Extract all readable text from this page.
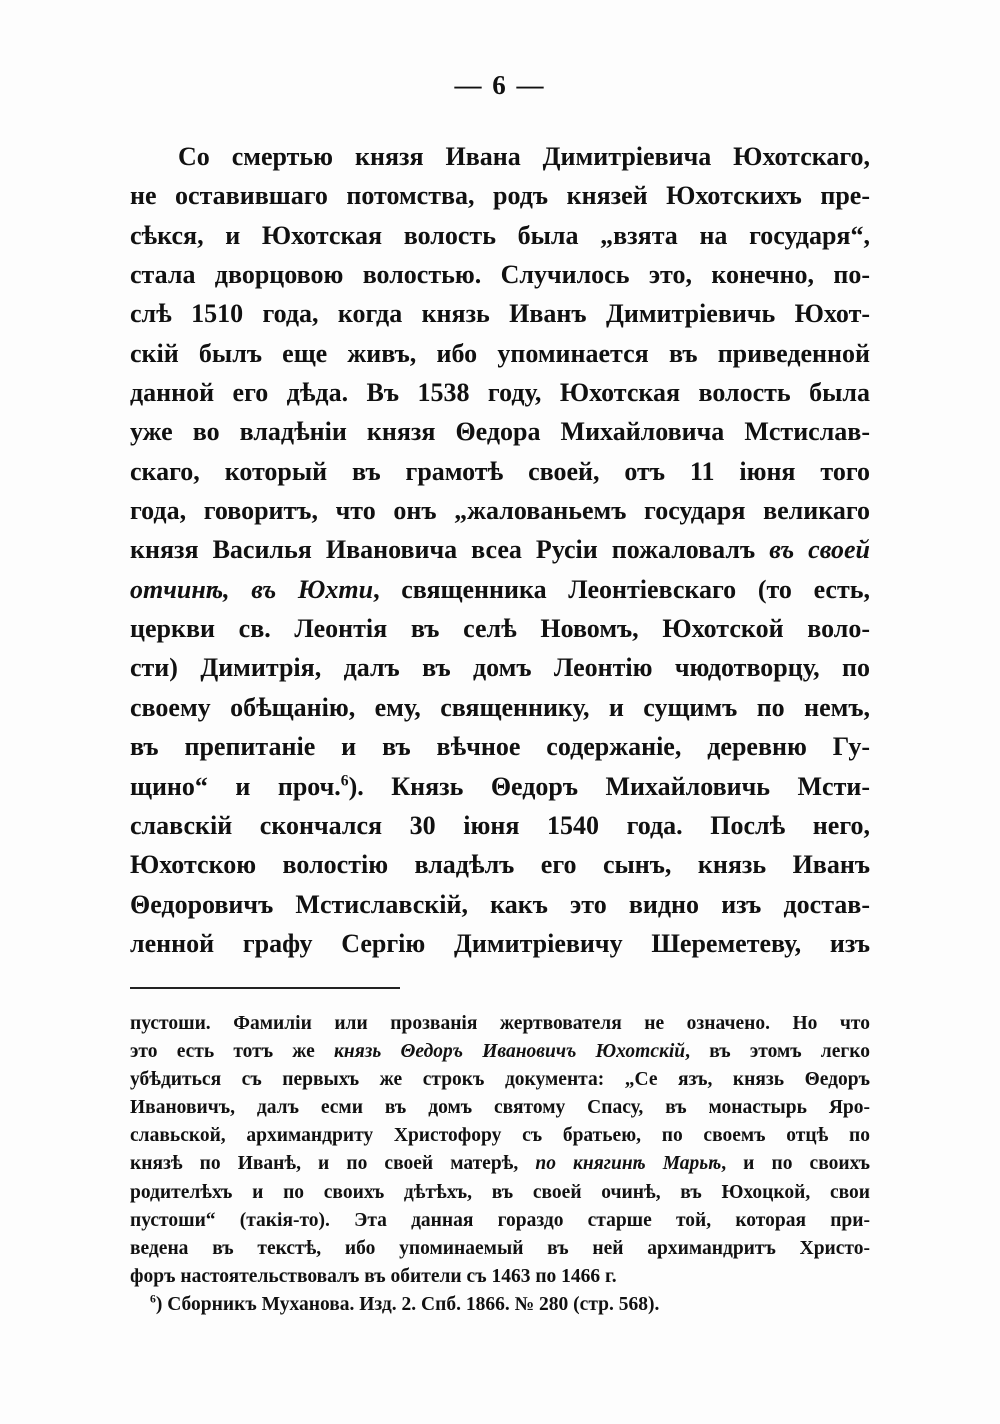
— 6 —
Со смертью князя Ивана Димитріевича Юхотскаго,
не оставившаго потомства, родъ князей Юхотскихъ пре-
сѣкся, и Юхотская волость была „взята на государя“,
стала дворцовою волостью. Случилось это, конечно, по-
слѣ 1510 года, когда князь Иванъ Димитріевичь Юхот-
скій былъ еще живъ, ибо упоминается въ приведенной
данной его дѣда. Въ 1538 году, Юхотская волость была
уже во владѣніи князя Θедора Михайловича Мстислав-
скаго, который въ грамотѣ своей, отъ 11 іюня того
года, говоритъ, что онъ „жалованьемъ государя великаго
князя Василья Ивановича всеа Русіи пожаловалъ въ своей
отчинѣ, въ Юхти, священника Леонтіевскаго (то есть,
церкви св. Леонтія въ селѣ Новомъ, Юхотской воло-
сти) Димитрія, далъ въ домъ Леонтію чюдотворцу, по
своему обѣщанію, ему, священнику, и сущимъ по немъ,
въ препитаніе и въ вѣчное содержаніе, деревню Гу-
щино“ и проч.$^6$). Князь Θедоръ Михайловичь Мсти-
славскій скончался 30 іюня 1540 года. Послѣ него,
Юхотскою волостію владѣлъ его сынъ, князь Иванъ
Θедоровичъ Мстиславскій, какъ это видно изъ достав-
ленной графу Сергію Димитріевичу Шереметеву, изъ
пустоши. Фамиліи или прозванія жертвователя не означено. Но что
это есть тотъ же князь Θедоръ Ивановичъ Юхотскій, въ этомъ легко
убѣдиться съ первыхъ же строкъ документа: „Се язъ, князь Θедоръ
Ивановичъ, далъ есми въ домъ святому Спасу, въ монастырь Яро-
славьской, архимандриту Христофору съ братьею, по своемъ отцѣ по
князѣ по Иванѣ, и по своей матерѣ, по княгинѣ Марьѣ, и по своихъ
родителѣхъ и по своихъ дѣтѣхъ, въ своей очинѣ, въ Юхоцкой, свои
пустоши“ (такія-то). Эта данная гораздо старше той, которая при-
ведена въ текстѣ, ибо упоминаемый въ ней архимандритъ Христо-
форъ настоятельствовалъ въ обители съ 1463 по 1466 г.
$^6$) Сборникъ Муханова. Изд. 2. Спб. 1866. № 280 (стр. 568).
